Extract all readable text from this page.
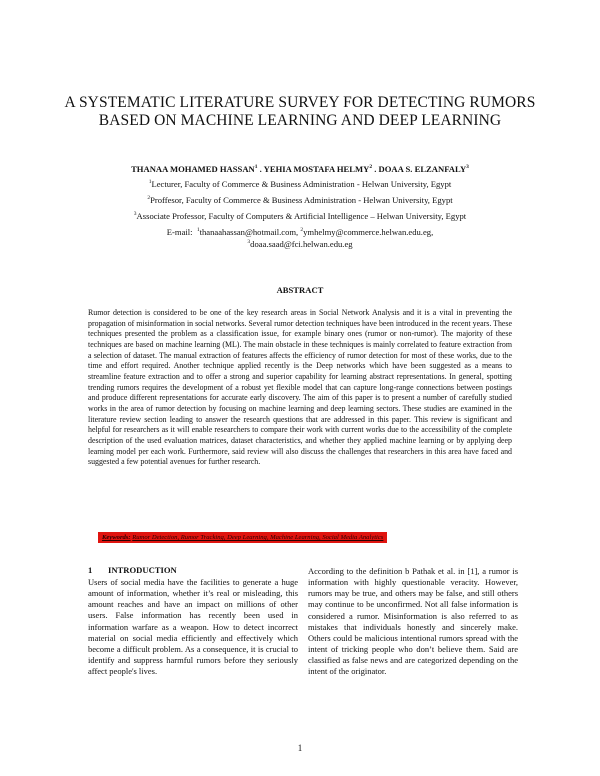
A SYSTEMATIC LITERATURE SURVEY FOR DETECTING RUMORS BASED ON MACHINE LEARNING AND DEEP LEARNING
THANAA MOHAMED HASSAN$^1$ . YEHIA MOSTAFA HELMY$^2$ . DOAA S. ELZANFALY$^3$
$^1$Lecturer, Faculty of Commerce & Business Administration - Helwan University, Egypt
$^2$Proffesor, Faculty of Commerce & Business Administration - Helwan University, Egypt
$^3$Associate Professor, Faculty of Computers & Artificial Intelligence – Helwan University, Egypt
E-mail: $^1$thanaahassan@hotmail.com, $^2$ymhelmy@commerce.helwan.edu.eg,
$^3$doaa.saad@fci.helwan.edu.eg
ABSTRACT
Rumor detection is considered to be one of the key research areas in Social Network Analysis and it is a vital in preventing the propagation of misinformation in social networks. Several rumor detection techniques have been introduced in the recent years. These techniques presented the problem as a classification issue, for example binary ones (rumor or non-rumor). The majority of these techniques are based on machine learning (ML). The main obstacle in these techniques is mainly correlated to feature extraction from a selection of dataset. The manual extraction of features affects the efficiency of rumor detection for most of these works, due to the time and effort required. Another technique applied recently is the Deep networks which have been suggested as a means to streamline feature extraction and to offer a strong and superior capability for learning abstract representations. In general, spotting trending rumors requires the development of a robust yet flexible model that can capture long-range connections between postings and produce different representations for accurate early discovery. The aim of this paper is to present a number of carefully studied works in the area of rumor detection by focusing on machine learning and deep learning sectors. These studies are examined in the literature review section leading to answer the research questions that are addressed in this paper. This review is significant and helpful for researchers as it will enable researchers to compare their work with current works due to the accessibility of the complete description of the used evaluation matrices, dataset characteristics, and whether they applied machine learning or by applying deep learning model per each work. Furthermore, said review will also discuss the challenges that researchers in this area have faced and suggested a few potential avenues for further research.
Keywords: Rumor Detection, Rumor Tracking, Deep Learning, Machine Learning, Social Media Analytics
1 INTRODUCTION
Users of social media have the facilities to generate a huge amount of information, whether it’s real or misleading, this amount reaches and have an impact on millions of other users. False information has recently been used in information warfare as a weapon. How to detect incorrect material on social media efficiently and effectively which become a difficult problem. As a consequence, it is crucial to identify and suppress harmful rumors before they seriously affect people's lives.
According to the definition b Pathak et al. in [1], a rumor is information with highly questionable veracity. However, rumors may be true, and others may be false, and still others may continue to be unconfirmed. Not all false information is considered a rumor. Misinformation is also referred to as mistakes that individuals honestly and sincerely make. Others could be malicious intentional rumors spread with the intent of tricking people who don’t believe them. Said are classified as false news and are categorized depending on the intent of the originator.
1
